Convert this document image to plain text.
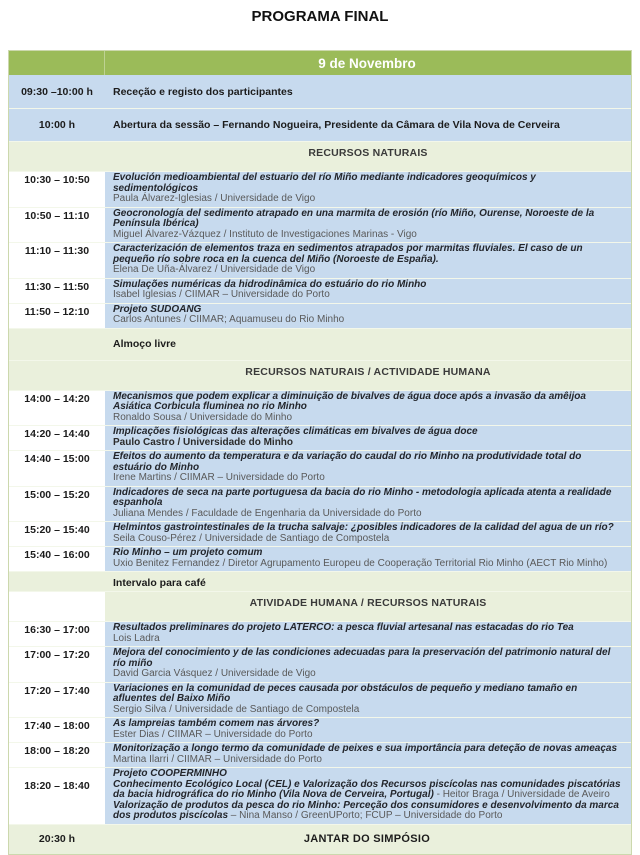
PROGRAMA FINAL
9 de Novembro
09:30 –10:00 h	Receção e registo dos participantes
10:00 h	Abertura da sessão – Fernando Nogueira, Presidente da Câmara de Vila Nova de Cerveira
RECURSOS NATURAIS
10:30 – 10:50	Evolución medioambiental del estuario del río Miño mediante indicadores geoquímicos y sedimentológicos
Paula Álvarez-Iglesias / Universidade de Vigo
10:50 – 11:10	Geocronología del sedimento atrapado en una marmita de erosión (río Miño, Ourense, Noroeste de la Península Ibérica)
Miguel Álvarez-Vázquez / Instituto de Investigaciones Marinas - Vigo
11:10 – 11:30	Caracterización de elementos traza en sedimentos atrapados por marmitas fluviales. El caso de un pequeño río sobre roca en la cuenca del Miño (Noroeste de España).
Elena De Uña-Álvarez / Universidade de Vigo
11:30 – 11:50	Simulações numéricas da hidrodinâmica do estuário do rio Minho
Isabel Iglesias / CIIMAR – Universidade do Porto
11:50 – 12:10	Projeto SUDOANG
Carlos Antunes / CIIMAR; Aquamuseu do Rio Minho
Almoço livre
RECURSOS NATURAIS / ACTIVIDADE HUMANA
14:00 – 14:20	Mecanismos que podem explicar a diminuição de bivalves de água doce após a invasão da amêijoa Asiática Corbicula fluminea no rio Minho
Ronaldo Sousa / Universidade do Minho
14:20 – 14:40	Implicações fisiológicas das alterações climáticas em bivalves de água doce
Paulo Castro / Universidade do Minho
14:40 – 15:00	Efeitos do aumento da temperatura e da variação do caudal do rio Minho na produtividade total do estuário do Minho
Irene Martins / CIIMAR – Universidade do Porto
15:00 – 15:20	Indicadores de seca na parte portuguesa da bacia do rio Minho - metodologia aplicada atenta a realidade espanhola
Juliana Mendes / Faculdade de Engenharia da Universidade do Porto
15:20 – 15:40	Helmintos gastrointestinales de la trucha salvaje: ¿posibles indicadores de la calidad del agua de un río?
Seila Couso-Pérez / Universidade de Santiago de Compostela
15:40 – 16:00	Rio Minho – um projeto comum
Uxio Benitez Fernandez / Diretor Agrupamento Europeu de Cooperação Territorial Rio Minho (AECT Rio Minho)
Intervalo para café
ATIVIDADE HUMANA / RECURSOS NATURAIS
16:30 – 17:00	Resultados preliminares do projeto LATERCO: a pesca fluvial artesanal nas estacadas do rio Tea
Lois Ladra
17:00 – 17:20	Mejora del conocimiento y de las condiciones adecuadas para la preservación del patrimonio natural del río miño
David Garcia Vásquez / Universidade de Vigo
17:20 – 17:40	Variaciones en la comunidad de peces causada por obstáculos de pequeño y mediano tamaño en afluentes del Baixo Miño
Sergio Silva / Universidade de Santiago de Compostela
17:40 – 18:00	As lampreias também comem nas árvores?
Ester Dias / CIIMAR – Universidade do Porto
18:00 – 18:20	Monitorização a longo termo da comunidade de peixes e sua importância para deteção de novas ameaças
Martina Ilarri / CIIMAR – Universidade do Porto
18:20 – 18:40
Projeto COOPERMINHO
Conhecimento Ecológico Local (CEL) e Valorização dos Recursos piscícolas nas comunidades piscatórias da bacia hidrográfica do rio Minho (Vila Nova de Cerveira, Portugal) - Heitor Braga / Universidade de Aveiro
Valorização de produtos da pesca do rio Minho: Perceção dos consumidores e desenvolvimento da marca dos produtos piscícolas – Nina Manso / GreenUPorto; FCUP – Universidade do Porto
20:30 h	JANTAR DO SIMPÓSIO
